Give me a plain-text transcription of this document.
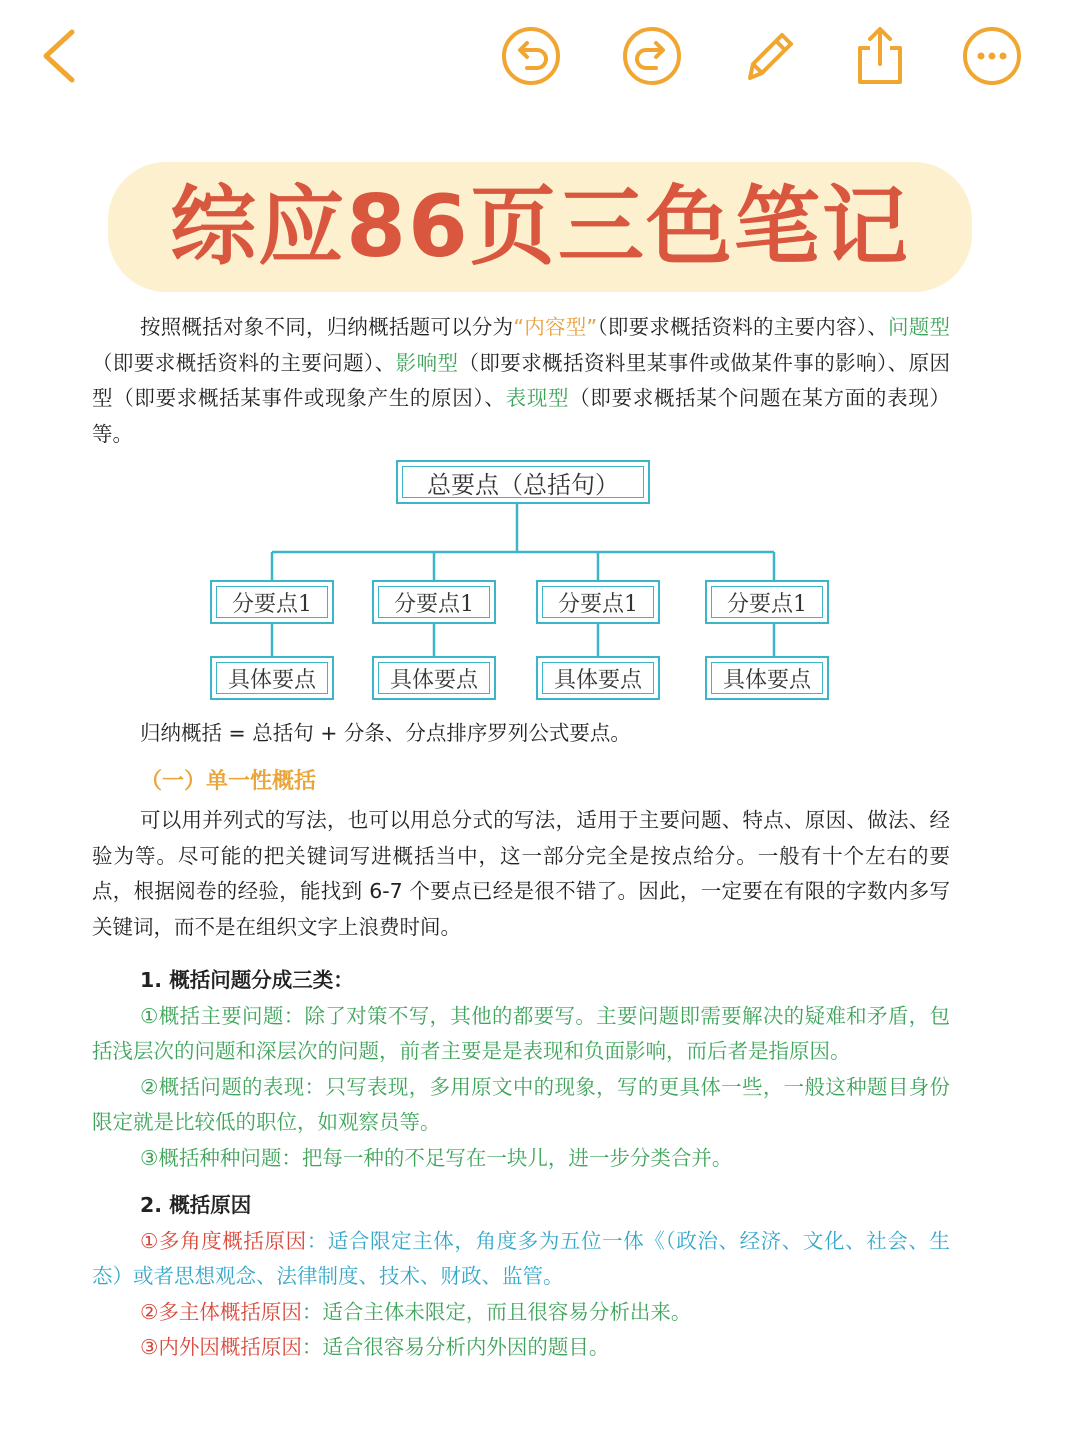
综应86页三色笔记

按照概括对象不同，归纳概括题可以分为“内容型”（即要求概括资料的主要内容）、问题型（即要求概括资料的主要问题）、影响型（即要求概括资料里某事件或做某件事的影响）、原因型（即要求概括某事件或现象产生的原因）、表现型（即要求概括某个问题在某方面的表现）等。

总要点（总括句）
分要点1	分要点1	分要点1	分要点1
具体要点	具体要点	具体要点	具体要点

归纳概括 = 总括句 + 分条、分点排序罗列公式要点。

（一）单一性概括

可以用并列式的写法，也可以用总分式的写法，适用于主要问题、特点、原因、做法、经验为等。尽可能的把关键词写进概括当中，这一部分完全是按点给分。一般有十个左右的要点，根据阅卷的经验，能找到 6-7 个要点已经是很不错了。因此，一定要在有限的字数内多写关键词，而不是在组织文字上浪费时间。

1. 概括问题分成三类：

①概括主要问题：除了对策不写，其他的都要写。主要问题即需要解决的疑难和矛盾，包括浅层次的问题和深层次的问题，前者主要是是表现和负面影响，而后者是指原因。

②概括问题的表现：只写表现，多用原文中的现象，写的更具体一些，一般这种题目身份限定就是比较低的职位，如观察员等。

③概括种种问题：把每一种的不足写在一块儿，进一步分类合并。

2. 概括原因

①多角度概括原因：适合限定主体，角度多为五位一体《（政治、经济、文化、社会、生态）或者思想观念、法律制度、技术、财政、监管。

②多主体概括原因：适合主体未限定，而且很容易分析出来。

③内外因概括原因：适合很容易分析内外因的题目。
